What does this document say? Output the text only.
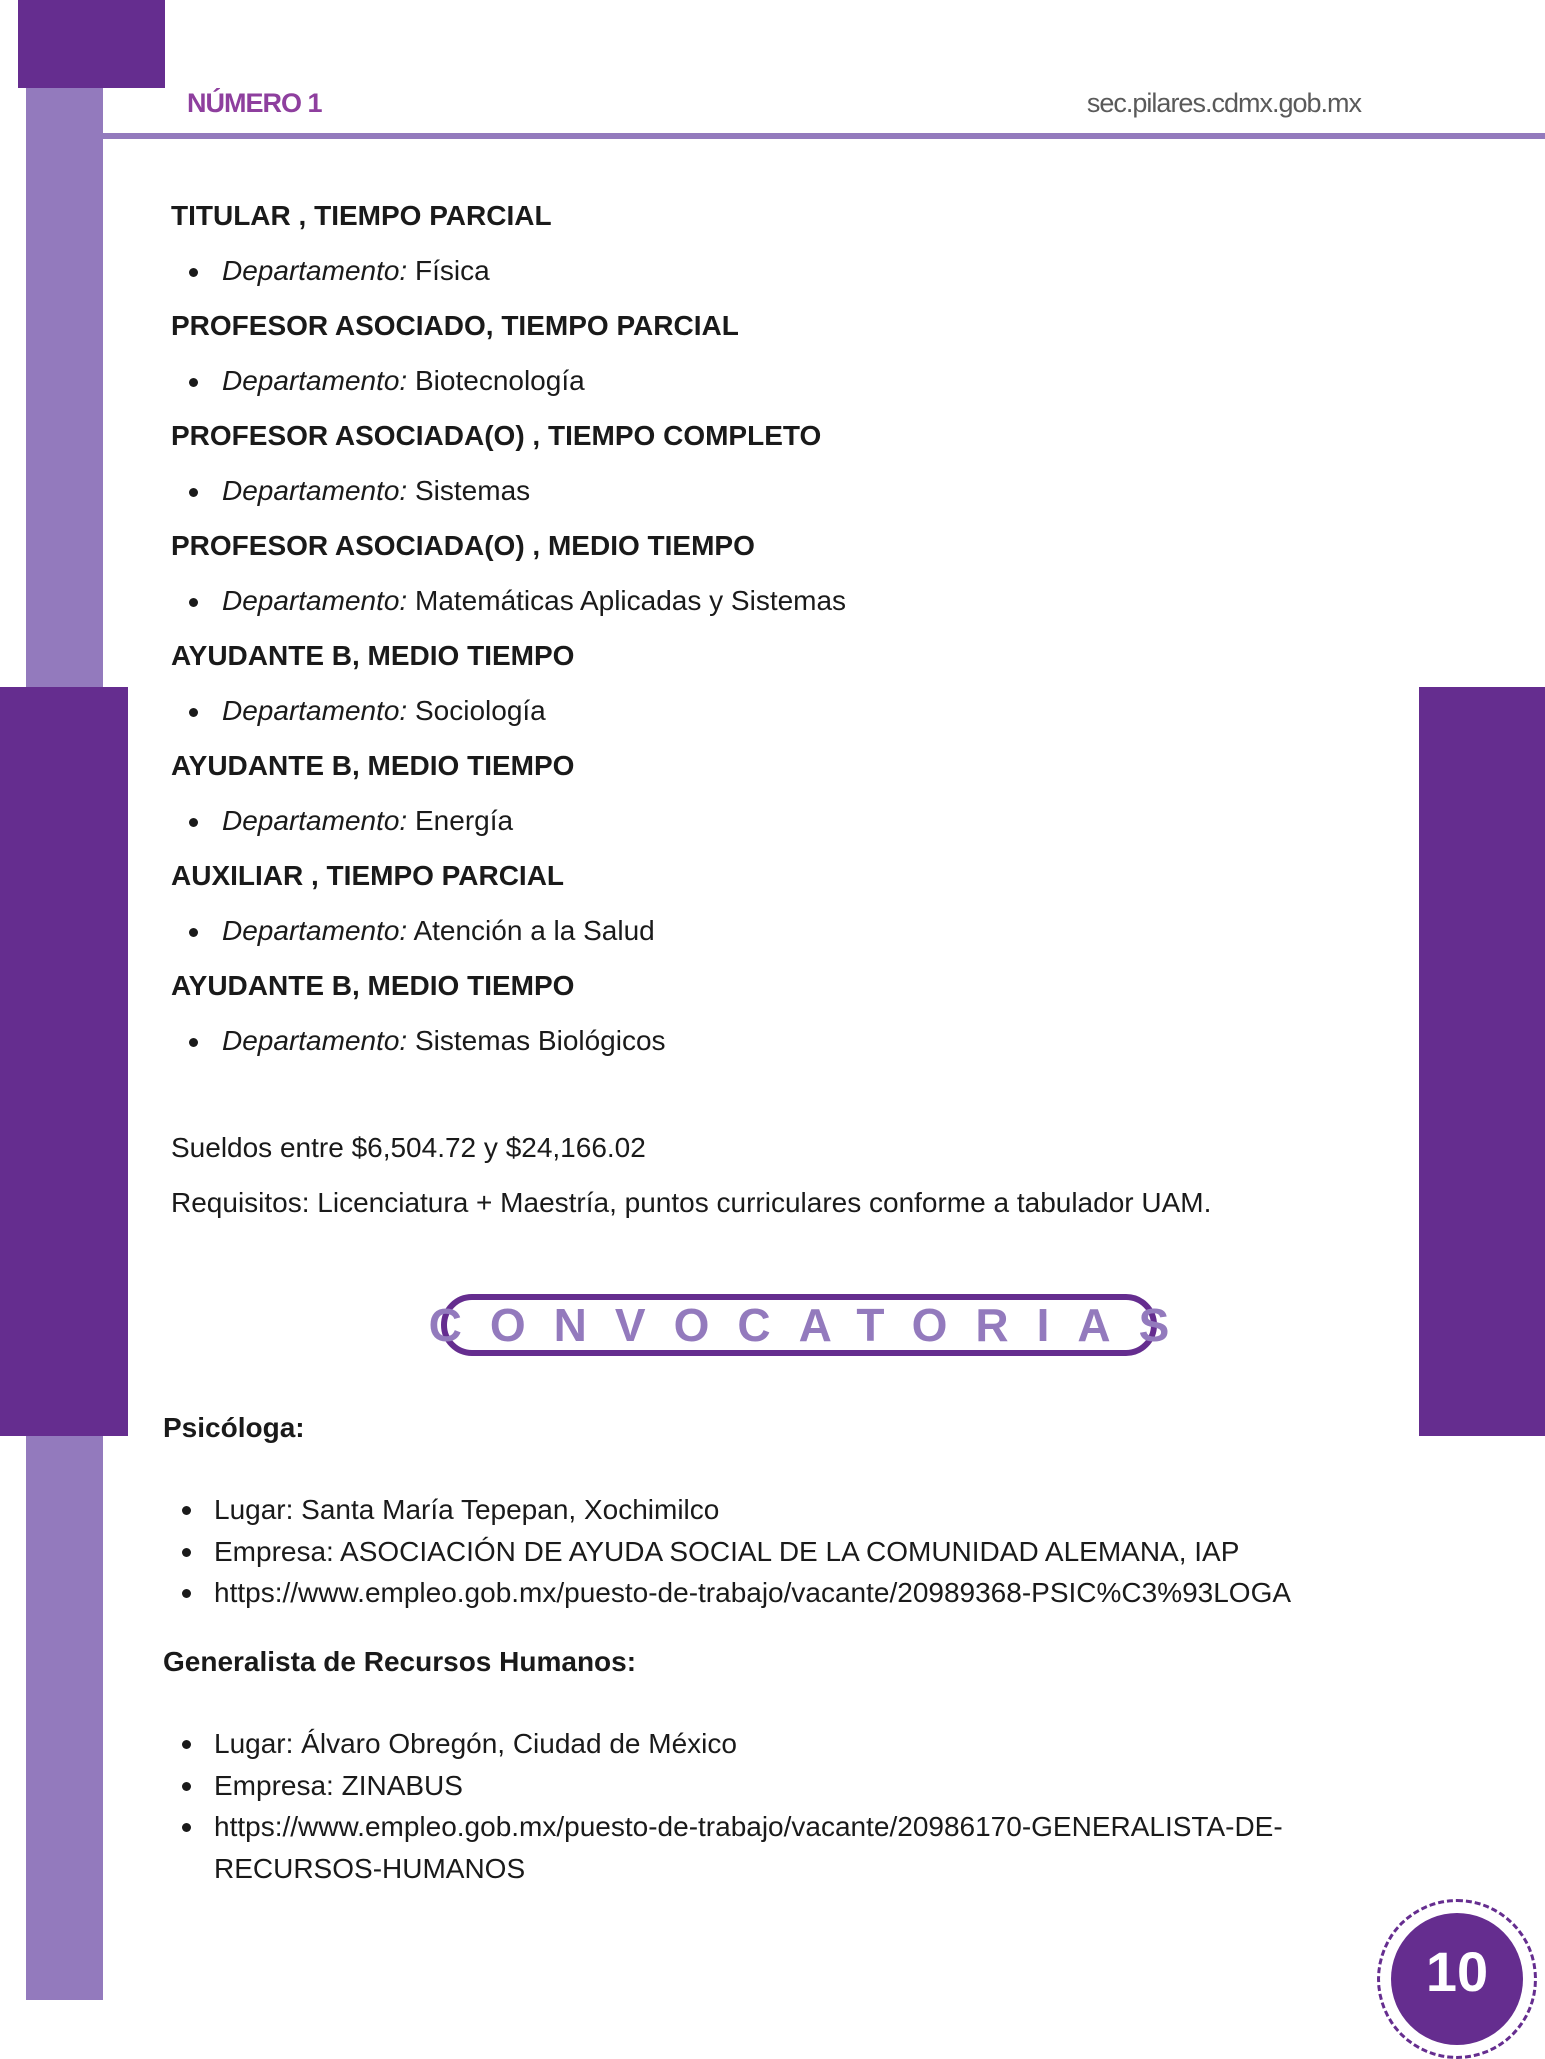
NÚMERO 1	sec.pilares.cdmx.gob.mx
TITULAR , TIEMPO PARCIAL
Departamento: Física
PROFESOR ASOCIADO, TIEMPO PARCIAL
Departamento: Biotecnología
PROFESOR ASOCIADA(O) , TIEMPO COMPLETO
Departamento: Sistemas
PROFESOR ASOCIADA(O) , MEDIO TIEMPO
Departamento: Matemáticas Aplicadas y Sistemas
AYUDANTE B, MEDIO TIEMPO
Departamento: Sociología
AYUDANTE B, MEDIO TIEMPO
Departamento: Energía
AUXILIAR , TIEMPO PARCIAL
Departamento: Atención a la Salud
AYUDANTE B, MEDIO TIEMPO
Departamento: Sistemas Biológicos
Sueldos entre $6,504.72 y $24,166.02
Requisitos: Licenciatura + Maestría, puntos curriculares conforme a tabulador UAM.
CONVOCATORIAS
Psicóloga:
Lugar: Santa María Tepepan, Xochimilco
Empresa: ASOCIACIÓN DE AYUDA SOCIAL DE LA COMUNIDAD ALEMANA, IAP
https://www.empleo.gob.mx/puesto-de-trabajo/vacante/20989368-PSIC%C3%93LOGA
Generalista de Recursos Humanos:
Lugar: Álvaro Obregón, Ciudad de México
Empresa: ZINABUS
https://www.empleo.gob.mx/puesto-de-trabajo/vacante/20986170-GENERALISTA-DE-RECURSOS-HUMANOS
10
